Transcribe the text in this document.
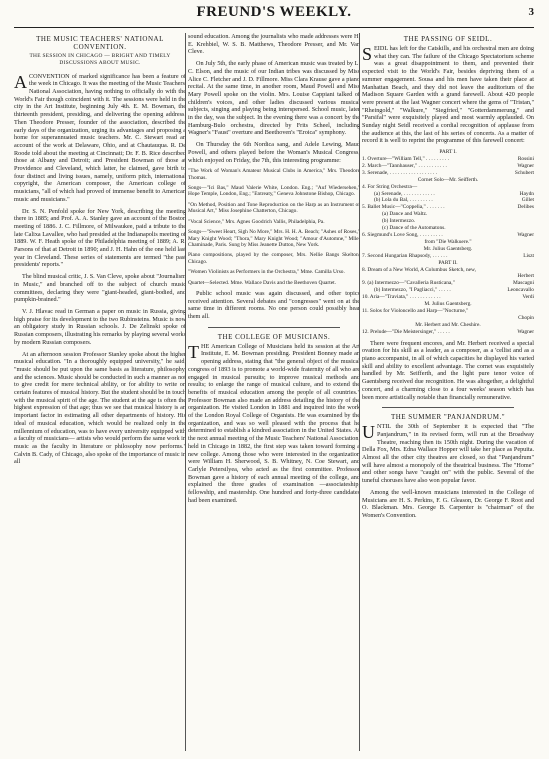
FREUND'S WEEKLY.	3
THE MUSIC TEACHERS' NATIONAL CONVENTION.
THE SESSION IN CHICAGO — BRIGHT AND TIMELY DISCUSSIONS ABOUT MUSIC.

ACONVENTION of marked significance has been a feature of the week in Chicago. It was the meeting of the Music Teachers' National Association, having nothing to officially do with the World's Fair though coincident with it. The sessions were held in the city in the Art Institute, beginning July 4th. E. M. Bowman, the thirteenth president, presiding, and delivering the opening address. Then Theodore Presser, founder of the association, described the early days of the organization, urging its advantages and proposing a home for superannuated music teachers. Mr. C. Stewart read an account of the work at Delaware, Ohio, and at Chautauqua. R. De Roode told about the meeting at Cincinnati; Dr. F. B. Rice described those at Albany and Detroit; and President Bowman of those at Providence and Cleveland, which latter, he claimed, gave birth to four distinct and living issues, namely, uniform pitch, international copyright, the American composer, the American college of musicians, "all of which had proved of immense benefit to American music and musicians."

Dr. S. N. Penfold spoke for New York, describing the meeting there in 1885; and Prof. A. A. Stanley gave an account of the Boston meeting of 1886. J. C. Fillmore, of Milwaukee, paid a tribute to the late Calixa Lavallee, who had presided at the Indianapolis meeting of 1889. W. F. Heath spoke of the Philadelphia meeting of 1889; A. R. Parsons of that at Detroit in 1890; and J. H. Hahn of the one held last year in Cleveland. These series of statements are termed "the past presidents' reports."

The blind musical critic, J. S. Van Cleve, spoke about "Journalism in Music," and branched off to the subject of church music committees, declaring they were "giant-headed, giant-bodied, and pumpkin-brained."

V. J. Hlavac read in German a paper on music in Russia, giving high praise for its development to the two Rubinsteins. Music is now an obligatory study in Russian schools. J. De Zelinski spoke of Russian composers, illustrating his remarks by playing several works by modern Russian composers.

At an afternoon session Professor Stanley spoke about the higher musical education. "In a thoroughly equipped university," he said, "music should be put upon the same basis as literature, philosophy, and the sciences. Music should be conducted in such a manner as not to give credit for mere technical ability, or for ability to write on certain features of musical history. But the student should be in touch with the musical spirit of the age. The student at the age is often the highest expression of that age; thus we see that musical history is an important factor in estimating all other departments of history. His ideal of musical education, which would be realized only in the millennium of education, was to have every university equipped with a faculty of musicians— artists who would perform the same work in music as the faculty in literature or philosophy now performs." Calvin B. Cady, of Chicago, also spoke of the importance of music in all

sound education. Among the journalists who made addresses were H. E. Krehbiel, W. S. B. Matthews, Theodore Presser, and Mr. Van Cleve.

On July 5th, the early phase of American music was treated by L. C. Elson, and the music of our Indian tribes was discussed by Miss Alice C. Fletcher and J. D. Fillmore. Miss Clara Krause gave a piano recital. At the same time, in another room, Maud Powell and Miss Mary Powell spoke on the violin. Mrs. Louise Cappiani talked of children's voices, and other ladies discussed various musical subjects, singing and playing being interspersed. School music, later in the day, was the subject. In the evening there was a concert by the Hamburg-Bulo orchestra, directed by Frits Scheel, including Wagner's "Faust" overture and Beethoven's "Eroica" symphony.

On Thursday the 6th Nordica sang, and Adele Lewing, Maud Powell, and others played before the Woman's Musical Congress, which enjoyed on Friday, the 7th, this interesting programme:

"The Work of Woman's Amateur Musical Clubs in America," Mrs. Theodore Thomas.
Songs—"Ici Bas," Maud Valerie White, London. Eng.; "Auf Wiedersehen," Hope Temple, London, Eng.; "Entreaty," Geneva Johnstone Bishop, Chicago.
"On Method, Position and Tone Reproduction on the Harp as an Instrument of Musical Art," Miss Josephine Chatterton, Chicago.
"Vocal Science," Mrs. Agnes Goodrich Vallis, Philadelphia, Pa.
Songs—"Sweet Heart, Sigh No More," Mrs. H. H. A. Beach; "Ashes of Roses," Mary Knight Wood; "Thora," Mary Knight Wood; "Amour d'Automne," Mlle. Chaminade, Paris. Sung by Miss Jeanette Dutton, New York.
Piano compositions, played by the composer, Mrs. Nellie Bangs Skelton, Chicago.
"Women Violinists as Performers in the Orchestra," Mme. Camilla Urso.
Quartet—Selected. Mme. Wallace Davis and the Beethoven Quartet.

Public school music was again discussed, and other topics received attention. Several debates and "congresses" went on at the same time in different rooms. No one person could possibly hear them all.

THE COLLEGE OF MUSICIANS.

THE American College of Musicians held its session at the Art Institute, E. M. Bowman presiding. President Bonney made an opening address, stating that "the general object of the musical congress of 1893 is to promote a world-wide fraternity of all who are engaged in musical pursuits; to improve musical methods and results; to enlarge the range of musical culture, and to extend the benefits of musical education among the people of all countries." Professor Bowman also made an address detailing the history of the organization. He visited London in 1881 and inquired into the work of the London Royal College of Organists. He was examined by the organization, and was so well pleased with the process that he determined to establish a kindred association in the United States. At the next annual meeting of the Music Teachers' National Association, held in Chicago in 1882, the first step was taken toward forming a new college. Among those who were interested in the organization were William H. Sherwood, S. B. Whitney, N. Coe Stewart, and Carlyle Petersilyea, who acted as the first committee. Professor Bowman gave a history of each annual meeting of the college, and explained the three grades of examination —associateship, fellowship, and mastership. One hundred and forty-three candidates had been examined.

THE PASSING OF SEIDL.

SEIDL has left for the Catskills, and his orchestral men are doing what they can. The failure of the Chicago Spectatorium scheme was a great disappointment to them, and prevented their expected visit to the World's Fair, besides depriving them of a summer engagement. Sousa and his men have taken their place at Manhattan Beach, and they did not leave the auditorium of the Madison Square Garden with a grand farewell. About 420 people were present at the last Wagner concert where the gems of "Tristan," "Rheingold," "Walkure," "Siegfried," "Gotterdammerung," and "Parsifal" were exquisitely played and most warmly applauded. On Sunday night Seidl received a cordial recognition of applause from the audience at this, the last of his series of concerts. As a matter of record it is well to reprint the programme of this farewell concert:

PART I.
1. Overture—"William Tell," . . . . . . . . .	Rossini
2. March—"Tannhauser," . . . . . . . . . . .	Wagner
3. Serenade, . . . . . . . . . . . . . . . . . .	Schubert
Cornet Solo—Mr. Seifferth.
4. For String Orchestra—
(a) Serenade, . . . . . . . . . . . .	Haydn
(b) Lola du Bal, . . . . . . . . .	Gillet
5. Ballet Music—"Coppelia," . . . . . . .	Delibes
(a) Dance and Waltz.
(b) Intermezzo.
(c) Dance of the Automatons.
6. Siegmund's Love Song, . . . . . . . . .	Wagner
from "Die Walkuere."
Mr. Julius Gaentsberg.
7. Second Hungarian Rhapsody, . . . . . .	Liszt
PART II.
8. Dream of a New World, A Columbus Sketch, new,
Herbert
9. (a) Intermezzo—"Cavalleria Rusticana,"	Mascagni
(b) Intermezzo, "I Pagliacci," . . . . .	Leoncavallo
10. Aria—"Traviata," . . . . . . . . . . . .	Verdi
M. Julius Gaentsberg.
11. Solos for Violoncello and Harp—"Nocturne,"
Chopin
Mr. Herbert and Mr. Cheshire.
12. Prelude—"Die Meistersinger," . . . . .	Wagner

There were frequent encores, and Mr. Herbert received a special ovation for his skill as a leader, as a composer, as a 'cellist and as a piano accompanist, in all of which capacities he displayed his varied skill and ability to excellent advantage. The cornet was exquisitely handled by Mr. Seifferth, and the light pure tenor voice of Gaentsberg received due recognition. He was altogether, a delightful concert, and a charming close to a four weeks' season which has been more artistically notable than financially remunerative.

THE SUMMER "PANJANDRUM."

UNTIL the 30th of September it is expected that "The Panjandrum," in its revised form, will run at the Broadway Theatre, reaching then its 150th night. During the vacation of Della Fox, Mrs. Edna Wallace Hopper will take her place as Pepuita. Almost all the other city theatres are closed, so that "Panjandrum" will have almost a monopoly of the theatrical business. The "Home" and other songs have "caught on" with the public. Several of the tuneful choruses have also won popular favor.

Among the well-known musicians interested in the College of Musicians are H. S. Perkins, F. G. Gleason, Dr. George F. Root and O. Blackman. Mrs. George B. Carpenter is "chairman" of the Women's Convention.
